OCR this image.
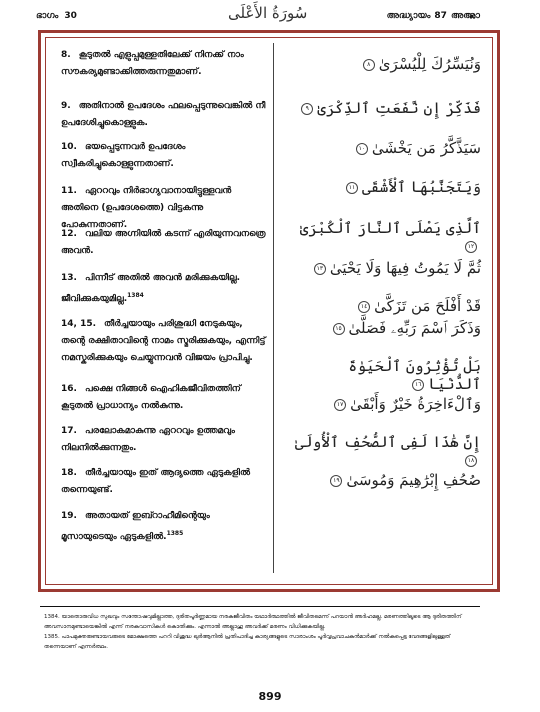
ഭാഗം 30	سُورَةُ الأَعْلَى	അദ്ധ്യായം 87 അഅ്ലാ
8. കൂടുതൽ എളുപ്പമുള്ളതിലേക്ക് നിനക്ക് നാം സൗകര്യമുണ്ടാക്കിത്തരുന്നതുമാണ്.
9. അതിനാൽ ഉപദേശം ഫലപ്പെടുന്നുവെങ്കിൽ നീ ഉപദേശിച്ചുകൊള്ളുക.
10. ഭയപ്പെടുന്നവർ ഉപദേശം സ്വീകരിച്ചുകൊള്ളുന്നതാണ്.
11. ഏററവും നിർഭാഗ്യവാനായിട്ടുള്ളവൻ അതിനെ (ഉപദേശത്തെ) വിട്ടകന്നു പോകുന്നതാണ്.
12. വലിയ അഗ്നിയിൽ കടന്ന് എരിയുന്നവനത്രെ അവൻ.
13. പിന്നീട് അതിൽ അവൻ മരിക്കുകയില്ല. ജീവിക്കുകയുമില്ല.$^{1384}$
14, 15. തീർച്ചയായും പരിശുദ്ധി നേടുകയും, തന്റെ രക്ഷിതാവിന്റെ നാമം സ്മരിക്കുകയും, എന്നിട്ട് നമസ്കരിക്കുകയും ചെയ്യുന്നവൻ വിജയം പ്രാപിച്ചു.
16. പക്ഷെ നിങ്ങൾ ഐഹികജീവിതത്തിന് കൂടുതൽ പ്രാധാന്യം നൽകുന്നു.
17. പരലോകമാകുന്നു ഏററവും ഉത്തമവും നിലനിൽക്കുന്നതും.
18. തീർച്ചയായും ഇത് ആദ്യത്തെ ഏടുകളിൽ തന്നെയുണ്ട്.
19. അതായത് ഇബ്റാഹീമിന്റെയും മൂസായുടെയും ഏടുകളിൽ.$^{1385}$
وَنُيَسِّرُكَ لِلْيُسْرَىٰ٨
فَذَكِّرْ إِن نَّفَعَتِ ٱلذِّكْرَىٰ٩
سَيَذَّكَّرُ مَن يَخْشَىٰ١٠
وَيَتَجَنَّبُهَا ٱلْأَشْقَى١١
ٱلَّذِى يَصْلَى ٱلنَّارَ ٱلْكُبْرَىٰ١٢
ثُمَّ لَا يَمُوتُ فِيهَا وَلَا يَحْيَىٰ١٣
قَدْ أَفْلَحَ مَن تَزَكَّىٰ١٤
وَذَكَرَ ٱسْمَ رَبِّهِۦ فَصَلَّىٰ١٥
بَلْ تُؤْثِرُونَ ٱلْحَيَوٰةَ ٱلدُّنْيَا١٦
وَٱلْءَاخِرَةُ خَيْرٌ وَأَبْقَىٰ١٧
إِنَّ هَٰذَا لَفِى ٱلصُّحُفِ ٱلْأُولَىٰ١٨
صُحُفِ إِبْرَٰهِيمَ وَمُوسَىٰ١٩
1384. യാതൊരുവിധ സുഖവും സന്തോഷവുമില്ലാത്ത, ദുരിതപൂർണ്ണമായ നരകജീവിതം യഥാർത്ഥത്തിൽ ജീവിതമെന്ന് പറയാൻ അർഹമല്ല. മരണത്തിലൂടെ ആ ദുരിതത്തിന് അവസാനമുണ്ടായെങ്കിൽ എന്ന് നരകവാസികൾ കൊതിക്കും. എന്നാൽ അല്ലാഹു അവർക്ക് മരണം വിധിക്കുകയില്ല.
1385. പാപമുക്തരുണ്ടായവരുടെ മോക്ഷത്തെ പററി വിശുദ്ധ ഖുർആനിൽ പ്രതിപാദിച്ച കാര്യങ്ങളുടെ സാരാംശം പൂർവ്വപ്രവാചകൻമാർക്ക് നൽകപ്പെട്ട വേദങ്ങളിലുള്ളത് തന്നെയാണ് എന്നർത്ഥം.
899
